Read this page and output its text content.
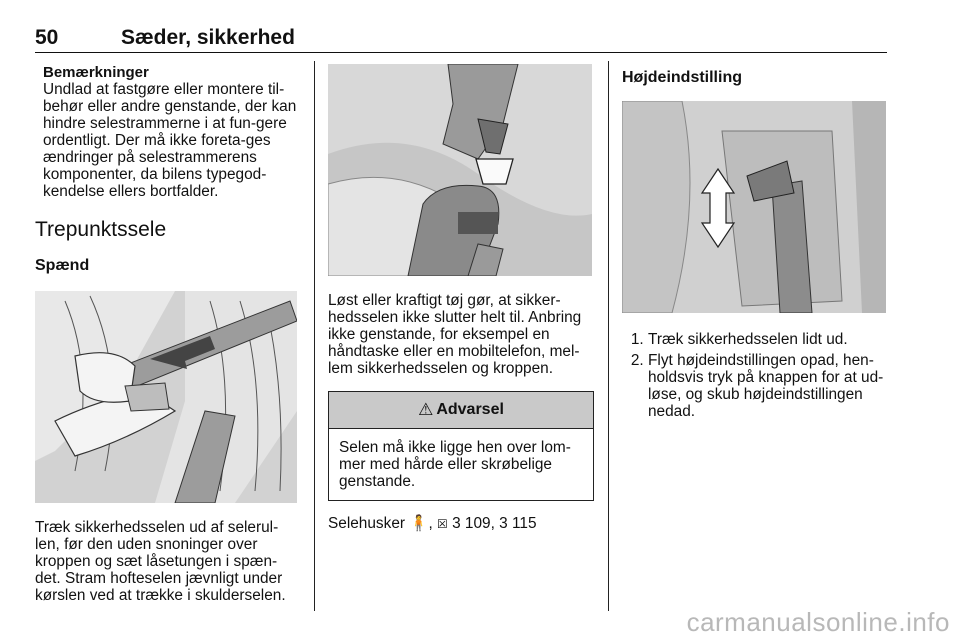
50	Sæder, sikkerhed
Bemærkninger

Undlad at fastgøre eller montere til-behør eller andre genstande, der kan hindre selestrammerne i at fun-gere ordentligt. Der må ikke foreta-ges ændringer på selestrammerens komponenter, da bilens typegod-kendelse ellers bortfalder.

Trepunktssele
Spænd

Træk sikkerhedsselen ud af selerul-len, før den uden snoninger over kroppen og sæt låsetungen i spæn-det. Stram hofteselen jævnligt under kørslen ved at trække i skulderselen.

Løst eller kraftigt tøj gør, at sikker-hedsselen ikke slutter helt til. Anbring ikke genstande, for eksempel en håndtaske eller en mobiltelefon, mel-lem sikkerhedsselen og kroppen.

⚠ Advarsel
Selen må ikke ligge hen over lom-mer med hårde eller skrøbelige genstande.

Selehusker 🧍, ☒ 3 109, 3 115

Højdeindstilling
1. Træk sikkerhedsselen lidt ud.
2. Flyt højdeindstillingen opad, hen-holdsvis tryk på knappen for at ud-løse, og skub højdeindstillingen nedad.
carmanualsonline.info
